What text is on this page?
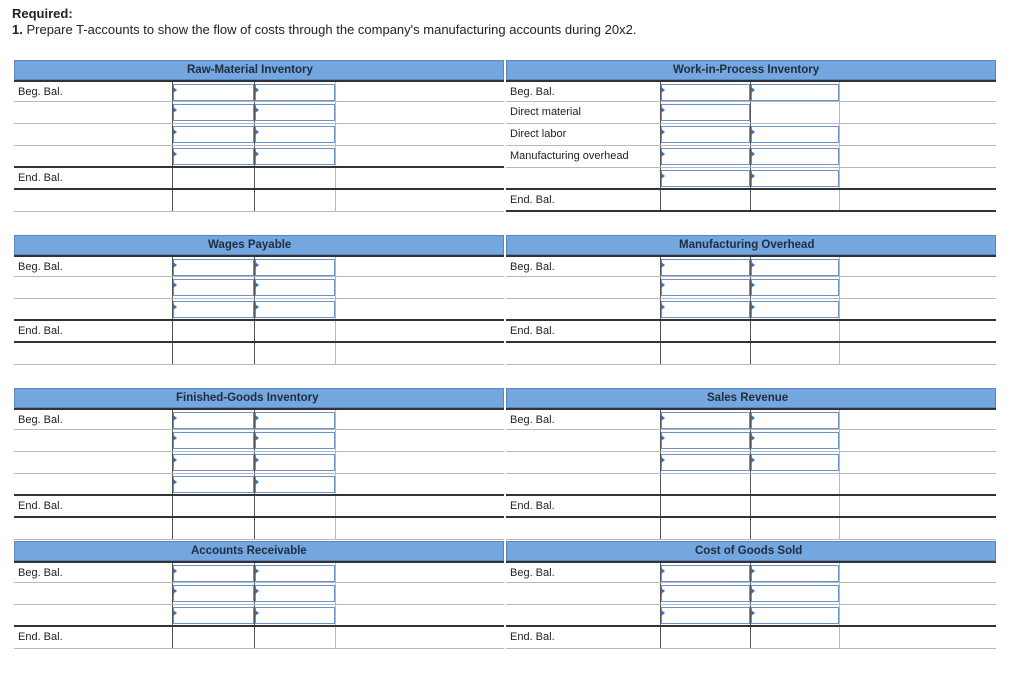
Required:
1. Prepare T-accounts to show the flow of costs through the company's manufacturing accounts during 20x2.
Raw-Material Inventory
Beg. Bal.
End. Bal.
Work-in-Process Inventory
Beg. Bal.
Direct material
Direct labor
Manufacturing overhead
End. Bal.
Wages Payable
Beg. Bal.
End. Bal.
Manufacturing Overhead
Beg. Bal.
End. Bal.
Finished-Goods Inventory
Beg. Bal.
End. Bal.
Sales Revenue
Beg. Bal.
End. Bal.
Accounts Receivable
Beg. Bal.
End. Bal.
Cost of Goods Sold
Beg. Bal.
End. Bal.
